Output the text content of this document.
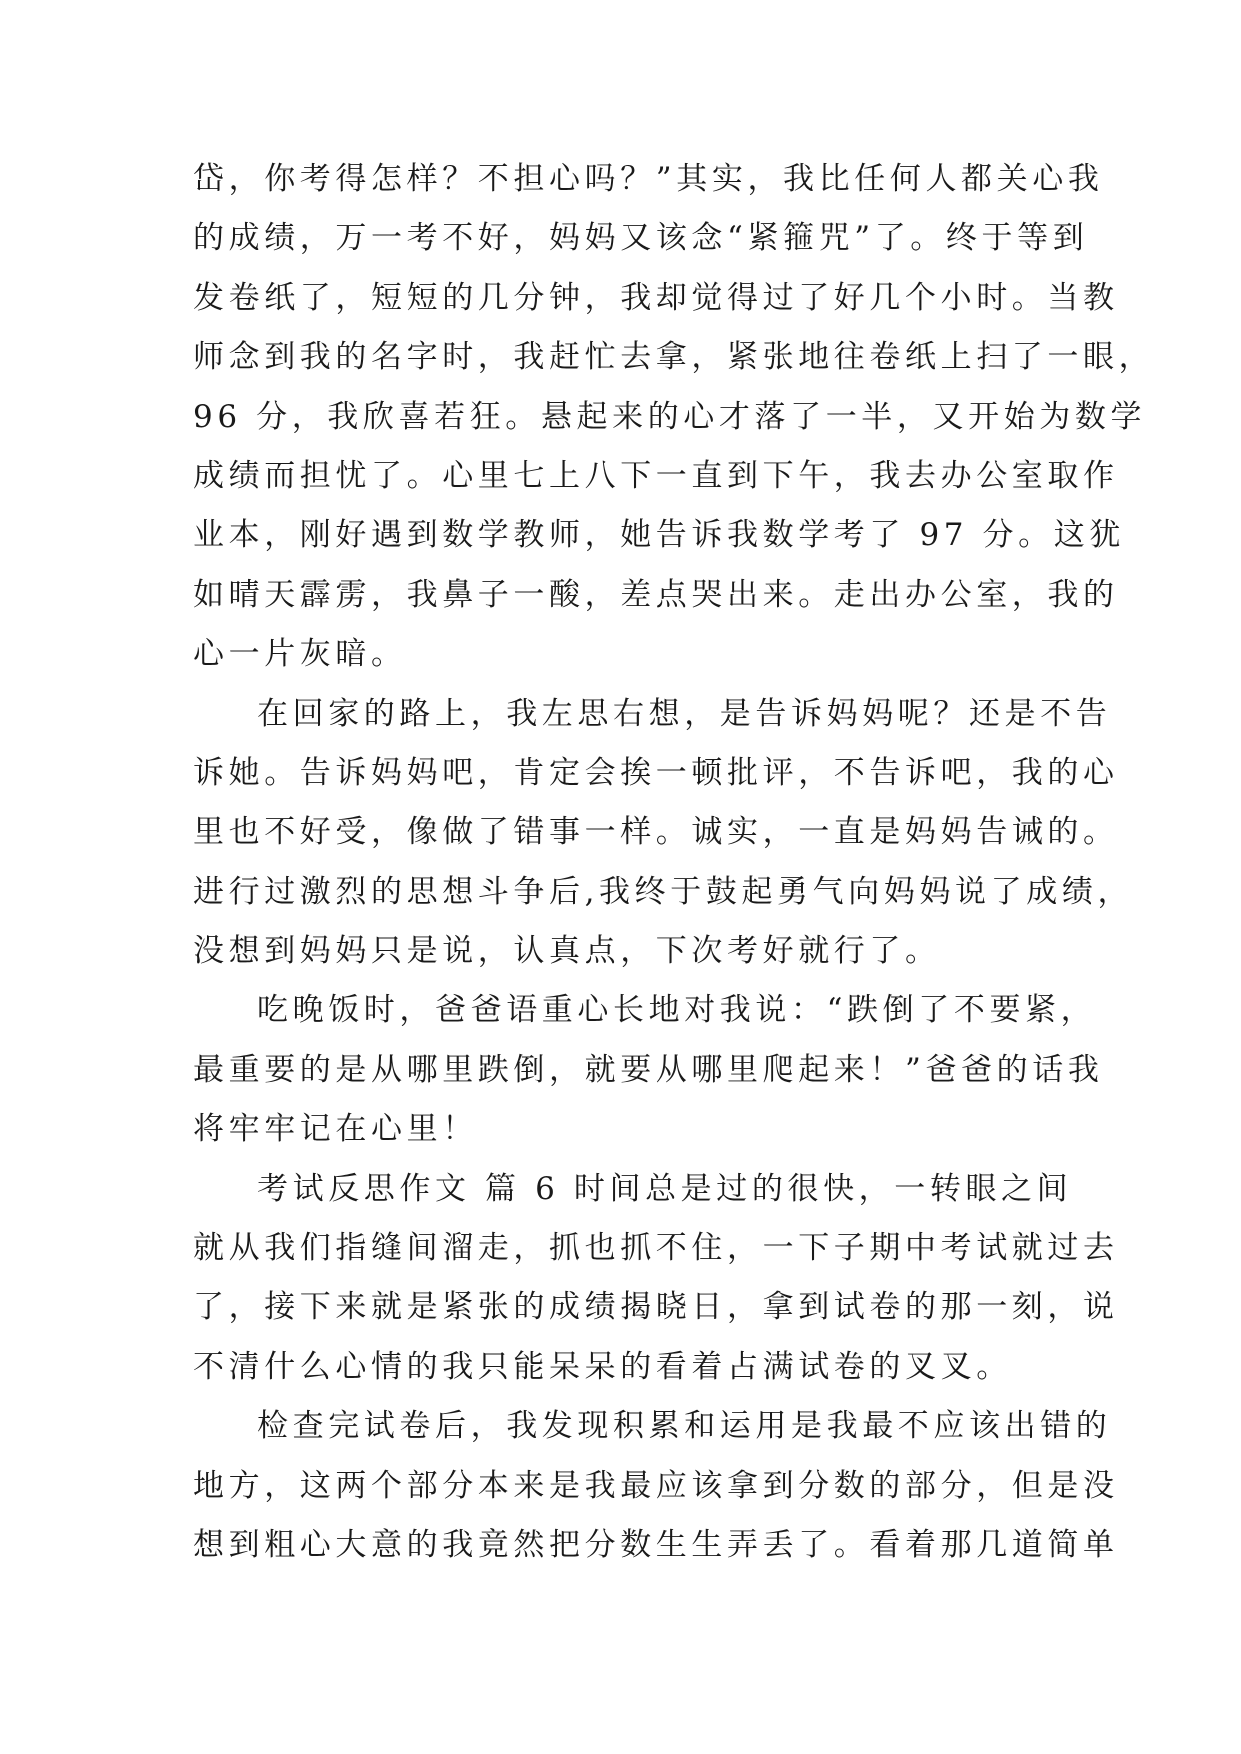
岱，你考得怎样？不担心吗？”其实，我比任何人都关心我
的成绩，万一考不好，妈妈又该念“紧箍咒”了。终于等到
发卷纸了，短短的几分钟，我却觉得过了好几个小时。当教
师念到我的名字时，我赶忙去拿，紧张地往卷纸上扫了一眼，
96 分，我欣喜若狂。悬起来的心才落了一半，又开始为数学
成绩而担忧了。心里七上八下一直到下午，我去办公室取作
业本，刚好遇到数学教师，她告诉我数学考了 97 分。这犹
如晴天霹雳，我鼻子一酸，差点哭出来。走出办公室，我的
心一片灰暗。
在回家的路上，我左思右想，是告诉妈妈呢？还是不告
诉她。告诉妈妈吧，肯定会挨一顿批评，不告诉吧，我的心
里也不好受，像做了错事一样。诚实，一直是妈妈告诫的。
进行过激烈的思想斗争后,我终于鼓起勇气向妈妈说了成绩，
没想到妈妈只是说，认真点，下次考好就行了。
吃晚饭时，爸爸语重心长地对我说：“跌倒了不要紧，
最重要的是从哪里跌倒，就要从哪里爬起来！”爸爸的话我
将牢牢记在心里！
考试反思作文 篇 6 时间总是过的很快，一转眼之间
就从我们指缝间溜走，抓也抓不住，一下子期中考试就过去
了，接下来就是紧张的成绩揭晓日，拿到试卷的那一刻，说
不清什么心情的我只能呆呆的看着占满试卷的叉叉。
检查完试卷后，我发现积累和运用是我最不应该出错的
地方，这两个部分本来是我最应该拿到分数的部分，但是没
想到粗心大意的我竟然把分数生生弄丢了。看着那几道简单
